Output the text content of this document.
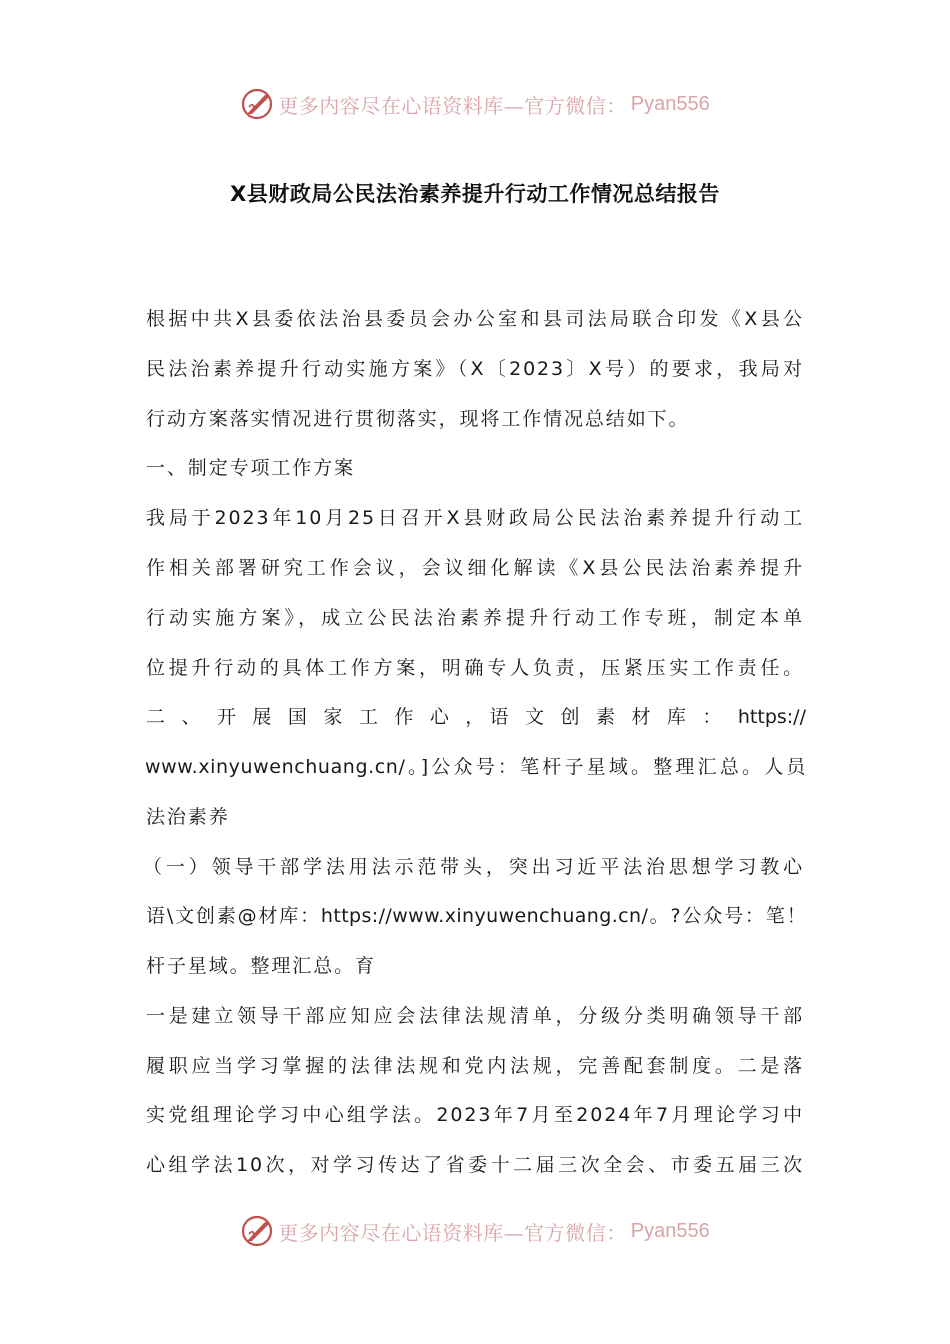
更多内容尽在心语资料库—官方微信： Pyan556
X县财政局公民法治素养提升行动工作情况总结报告
根据中共X县委依法治县委员会办公室和县司法局联合印发《X县公
民法治素养提升行动实施方案》（X〔2023〕X号）的要求，我局对
行动方案落实情况进行贯彻落实，现将工作情况总结如下。
一、制定专项工作方案
我局于2023年10月25日召开X县财政局公民法治素养提升行动工
作相关部署研究工作会议，会议细化解读《X县公民法治素养提升
行动实施方案》，成立公民法治素养提升行动工作专班，制定本单
位提升行动的具体工作方案，明确专人负责，压紧压实工作责任。
二 、 开 展 国 家 工 作 心 ，语 文 创 素 材 库 ： https://
www.xinyuwenchuang.cn/。]公众号：笔杆子星域。整理汇总。人员
法治素养
（一）领导干部学法用法示范带头，突出习近平法治思想学习教心
语\文创素@材库：https://www.xinyuwenchuang.cn/。?公众号：笔！
杆子星域。整理汇总。育
一是建立领导干部应知应会法律法规清单，分级分类明确领导干部
履职应当学习掌握的法律法规和党内法规，完善配套制度。二是落
实党组理论学习中心组学法。2023年7月至2024年7月理论学习中
心组学法10次，对学习传达了省委十二届三次全会、市委五届三次
更多内容尽在心语资料库—官方微信： Pyan556
